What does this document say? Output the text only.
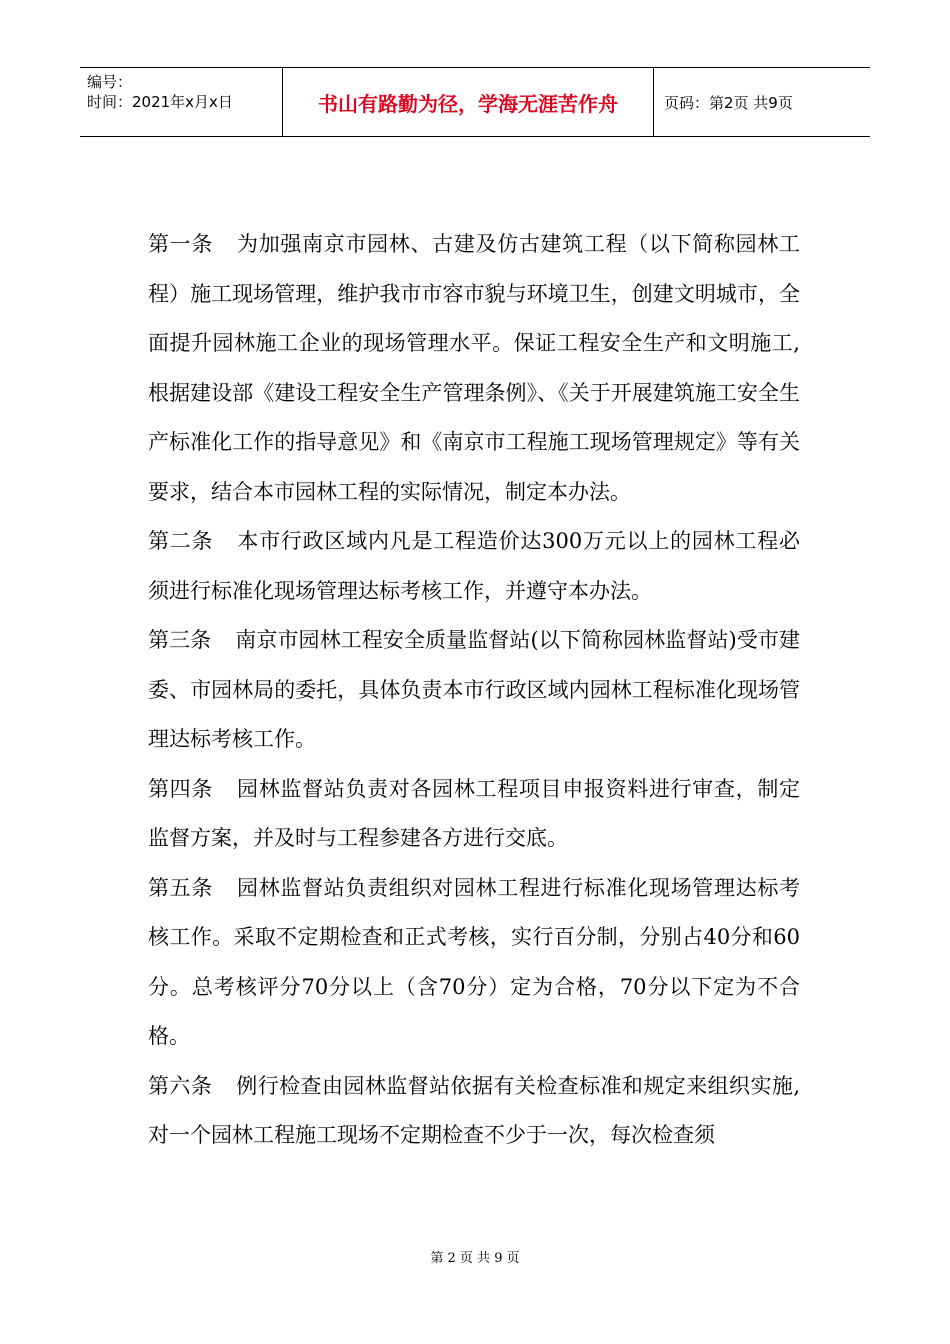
编号：
时间：2021年x月x日	书山有路勤为径，学海无涯苦作舟	页码：第2页 共9页

第一条 为加强南京市园林、古建及仿古建筑工程（以下简称园林工程）施工现场管理，维护我市市容市貌与环境卫生，创建文明城市，全面提升园林施工企业的现场管理水平。保证工程安全生产和文明施工,根据建设部《建设工程安全生产管理条例》、《关于开展建筑施工安全生产标准化工作的指导意见》和《南京市工程施工现场管理规定》等有关要求，结合本市园林工程的实际情况，制定本办法。

第二条 本市行政区域内凡是工程造价达300万元以上的园林工程必须进行标准化现场管理达标考核工作，并遵守本办法。

第三条 南京市园林工程安全质量监督站(以下简称园林监督站)受市建委、市园林局的委托，具体负责本市行政区域内园林工程标准化现场管理达标考核工作。

第四条 园林监督站负责对各园林工程项目申报资料进行审查，制定监督方案，并及时与工程参建各方进行交底。

第五条 园林监督站负责组织对园林工程进行标准化现场管理达标考核工作。采取不定期检查和正式考核，实行百分制，分别占40分和60分。总考核评分70分以上（含70分）定为合格，70分以下定为不合格。

第六条 例行检查由园林监督站依据有关检查标准和规定来组织实施,对一个园林工程施工现场不定期检查不少于一次，每次检查须

第 2 页 共 9 页
